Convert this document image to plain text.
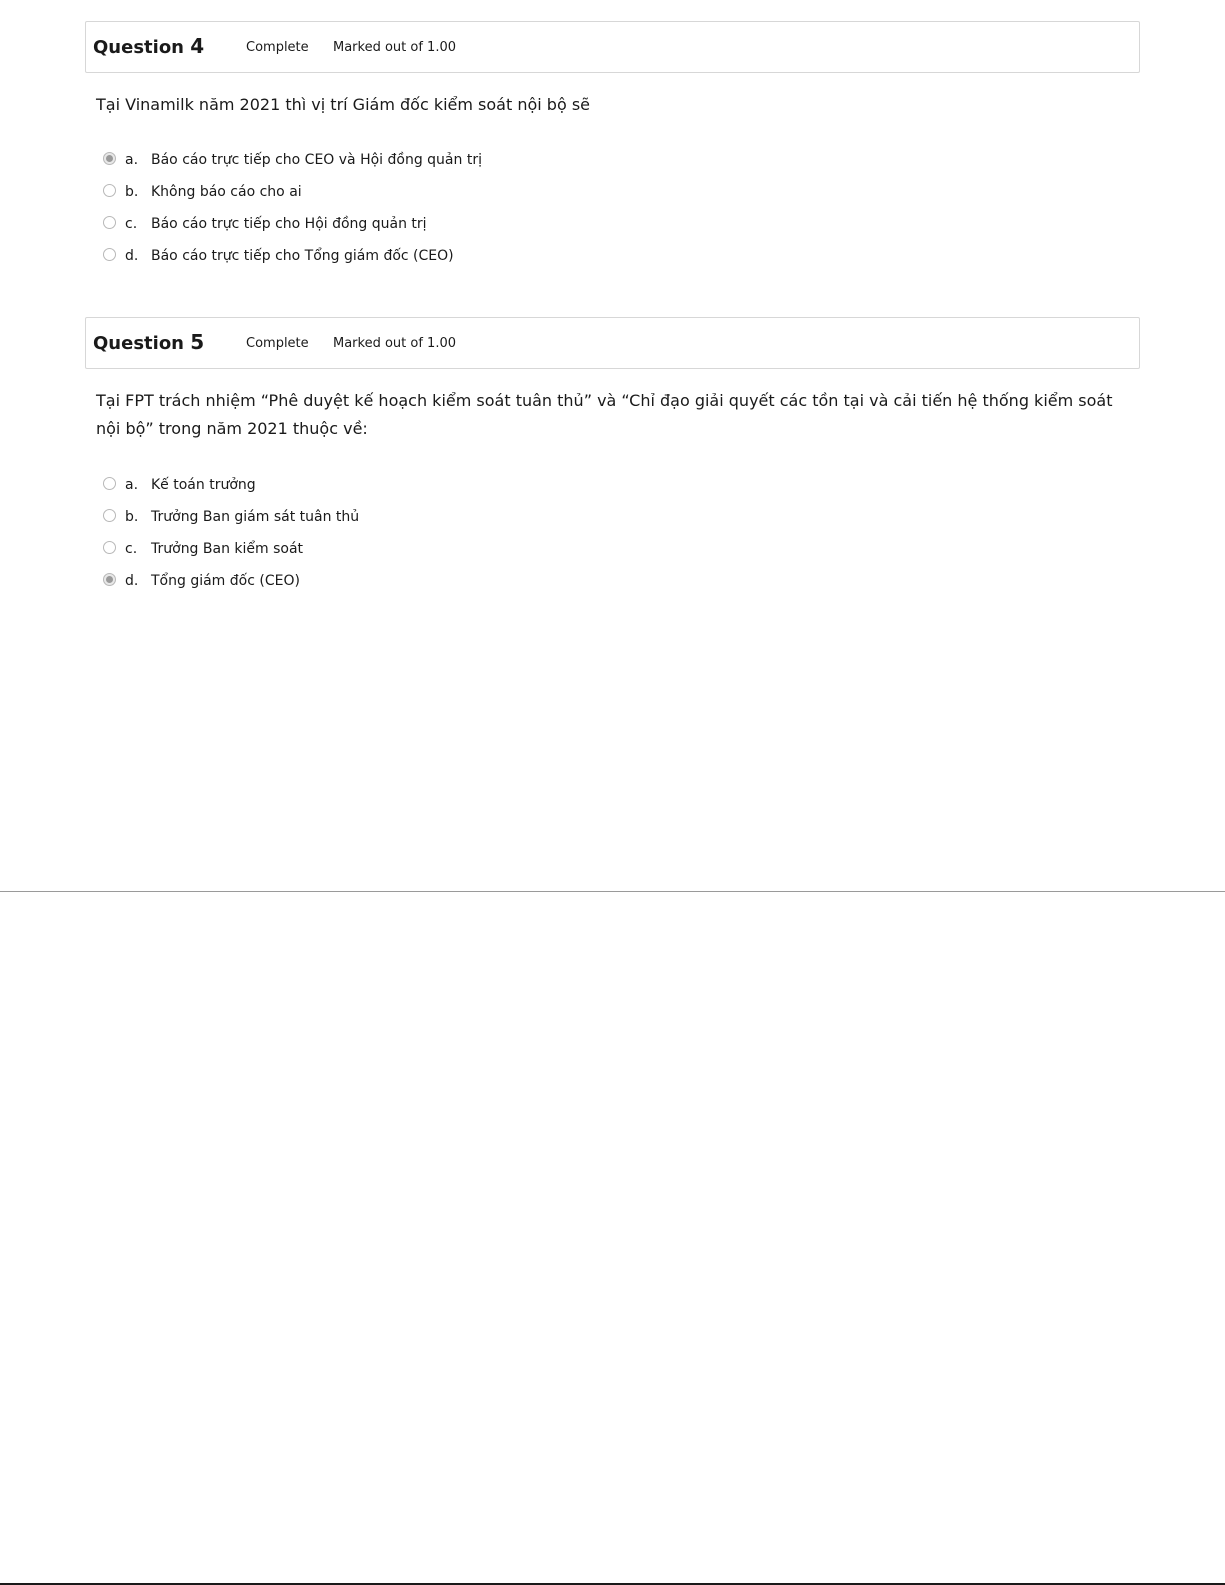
Question 4	Complete Marked out of 1.00
Tại Vinamilk năm 2021 thì vị trí Giám đốc kiểm soát nội bộ sẽ
a. Báo cáo trực tiếp cho CEO và Hội đồng quản trị
b. Không báo cáo cho ai
c. Báo cáo trực tiếp cho Hội đồng quản trị
d. Báo cáo trực tiếp cho Tổng giám đốc (CEO)
Question 5	Complete Marked out of 1.00
Tại FPT trách nhiệm “Phê duyệt kế hoạch kiểm soát tuân thủ” và “Chỉ đạo giải quyết các tồn tại và cải tiến hệ thống kiểm soát nội bộ” trong năm 2021 thuộc về:
a. Kế toán trưởng
b. Trưởng Ban giám sát tuân thủ
c. Trưởng Ban kiểm soát
d. Tổng giám đốc (CEO)
